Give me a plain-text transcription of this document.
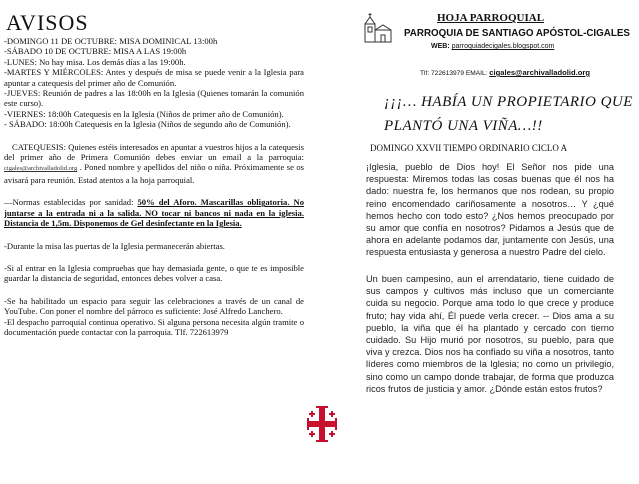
AVISOS

-DOMINGO 11 DE OCTUBRE: MISA DOMINICAL 13:00h

-SÁBADO 10 DE OCTUBRE: MISA A LAS 19:00h

-LUNES: No hay misa. Los demás días a las 19:00h.

-MARTES Y MIÉRCOLES: Antes y después de misa se puede venir a la Iglesia para apuntar a catequesis del primer año de Comunión.

-JUEVES: Reunión de padres a las 18:00h en la Iglesia (Quienes tomarán la comunión este curso).

-VIERNES: 18:00h Catequesis en la Iglesia (Niños de primer año de Comunión).

- SÁBADO: 18:00h Catequesis en la Iglesia (Niños de segundo año de Comunión).

CATEQUESIS: Quienes estéis interesados en apuntar a vuestros hijos a la catequesis del primer año de Primera Comunión debes enviar un email a la parroquia: cigales@archivalladolid.org . Poned nombre y apellidos del niño o niña. Próximamente se os avisará para reunión. Estad atentos a la hoja parroquial.

—Normas establecidas por sanidad: 50% del Aforo. Mascarillas obligatoria. No juntarse a la entrada ni a la salida. NO tocar ni bancos ni nada en la iglesia. Distancia de 1,5m. Disponemos de Gel desinfectante en la Iglesia.

-Durante la misa las puertas de la Iglesia permanecerán abiertas.

-Si al entrar en la Iglesia compruebas que hay demasiada gente, o que te es imposible guardar la distancia de seguridad, entonces debes volver a casa.

-Se ha habilitado un espacio para seguir las celebraciones a través de un canal de YouTube. Con poner el nombre del párroco es suficiente: José Alfredo Lanchero.

-El despacho parroquial continua operativo. Si alguna persona necesita algún tramite o documentación puede contactar con la parroquia. Tlf. 722613979

HOJA PARROQUIAL
PARROQUIA DE SANTIAGO APÓSTOL-CIGALES
WEB: parroquiadecigales.blogspot.com
Tlf: 722613979 EMAIL: cigales@archivalladolid.org
¡¡¡… HABÍA UN PROPIETARIO QUE
PLANTÓ UNA VIÑA…!!
DOMINGO XXVII TIEMPO ORDINARIO CICLO A

¡Iglesia, pueblo de Dios hoy! El Señor nos pide una respuesta: Miremos todas las cosas buenas que él nos ha dado: nuestra fe, los hermanos que nos rodean, su propio reino encomendado cariñosamente a nosotros… Y ¿qué hemos hecho con todo esto? ¿Nos hemos preocupado por su amor que confía en nosotros? Pidamos a Jesús que de ahora en adelante podamos dar, juntamente con Jesús, una respuesta entusiasta y generosa a nuestro Padre del cielo.

Un buen campesino, aun el arrendatario, tiene cuidado de sus campos y cultivos más incluso que un comerciante cuida su negocio. Porque ama todo lo que crece y produce fruto; hay vida ahí, Él puede verla crecer. -- Dios ama a su pueblo, la viña que él ha plantado y cercado con tierno cuidado. Su Hijo murió por nosotros, su pueblo, para que viva y crezca. Dios nos ha confiado su viña a nosotros, tanto líderes como miembros de la Iglesia; no como un privilegio, sino como un campo donde trabajar, de forma que produzca ricos frutos de justicia y amor. ¿Dónde están estos frutos?
